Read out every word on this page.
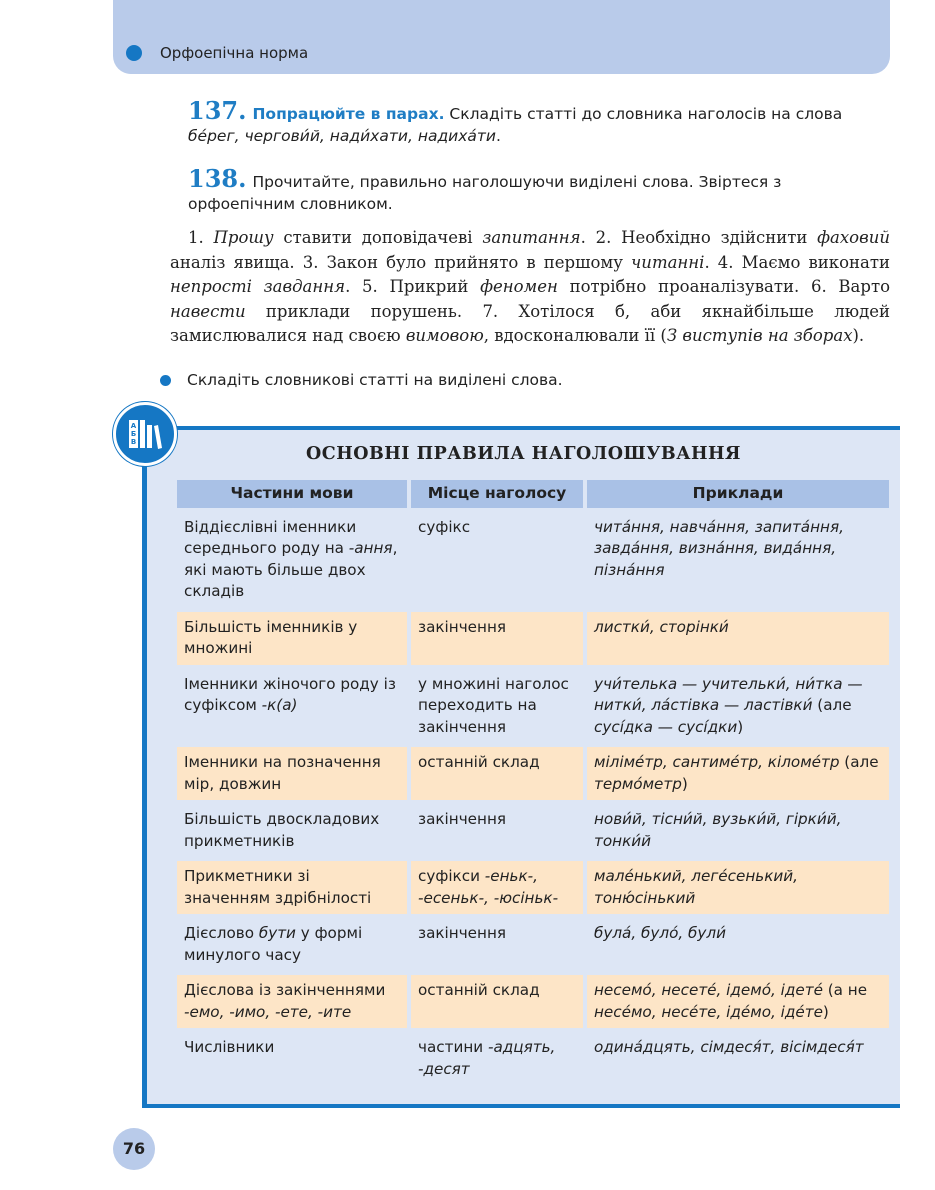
Орфоепічна норма
137. Попрацюйте в парах. Складіть статті до словника наголосів на слова бе́рег, чергови́й, нади́хати, надиха́ти.
138. Прочитайте, правильно наголошуючи виділені слова. Звіртеся з орфоепічним словником.
1. Прошу ставити доповідачеві запитання. 2. Необхідно здійснити фаховий аналіз явища. 3. Закон було прийнято в першому читанні. 4. Маємо виконати непрості завдання. 5. Прикрий феномен потрібно проаналізувати. 6. Варто навести приклади порушень. 7. Хотілося б, аби якнайбільше людей замислювалися над своєю вимовою, вдосконалювали її (З виступів на зборах).
Складіть словникові статті на виділені слова.
ОСНОВНІ ПРАВИЛА НАГОЛОШУВАННЯ
Частини мови	Місце наголосу	Приклади
Віддієслівні іменники середнього роду на -ання, які мають більше двох складів	суфікс	чита́ння, навча́ння, запита́ння, завда́ння, визна́ння, вида́ння, пізна́ння
Більшість іменників у множині	закінчення	листки́, сторінки́
Іменники жіночого роду із суфіксом -к(а)	у множині наголос переходить на закінчення	учи́телька — учительки́, ни́тка — нитки́, ла́стівка — ластівки́ (але сусі́дка — сусі́дки)
Іменники на позначення мір, довжин	останній склад	мілімéтр, сантимéтр, кіломéтр (але термо́метр)
Більшість двоскладових прикметників	закінчення	нови́й, тісни́й, вузьки́й, гірки́й, тонки́й
Прикметники зі значенням здрібнілості	суфікси -еньк-, -есеньк-, -юсіньк-	мале́нький, легéсенький, тоню́сінький
Дієслово бути у формі минулого часу	закінчення	була́, було́, були́
Дієслова із закінченнями -емо, -имо, -ете, -ите	останній склад	несемо́, несете́, ідемо́, ідете́ (а не несе́мо, несе́те, іде́мо, іде́те)
Числівники	частини -адцять, -десят	одина́дцять, сімдеся́т, вісімдеся́т
А
Б
В
76
